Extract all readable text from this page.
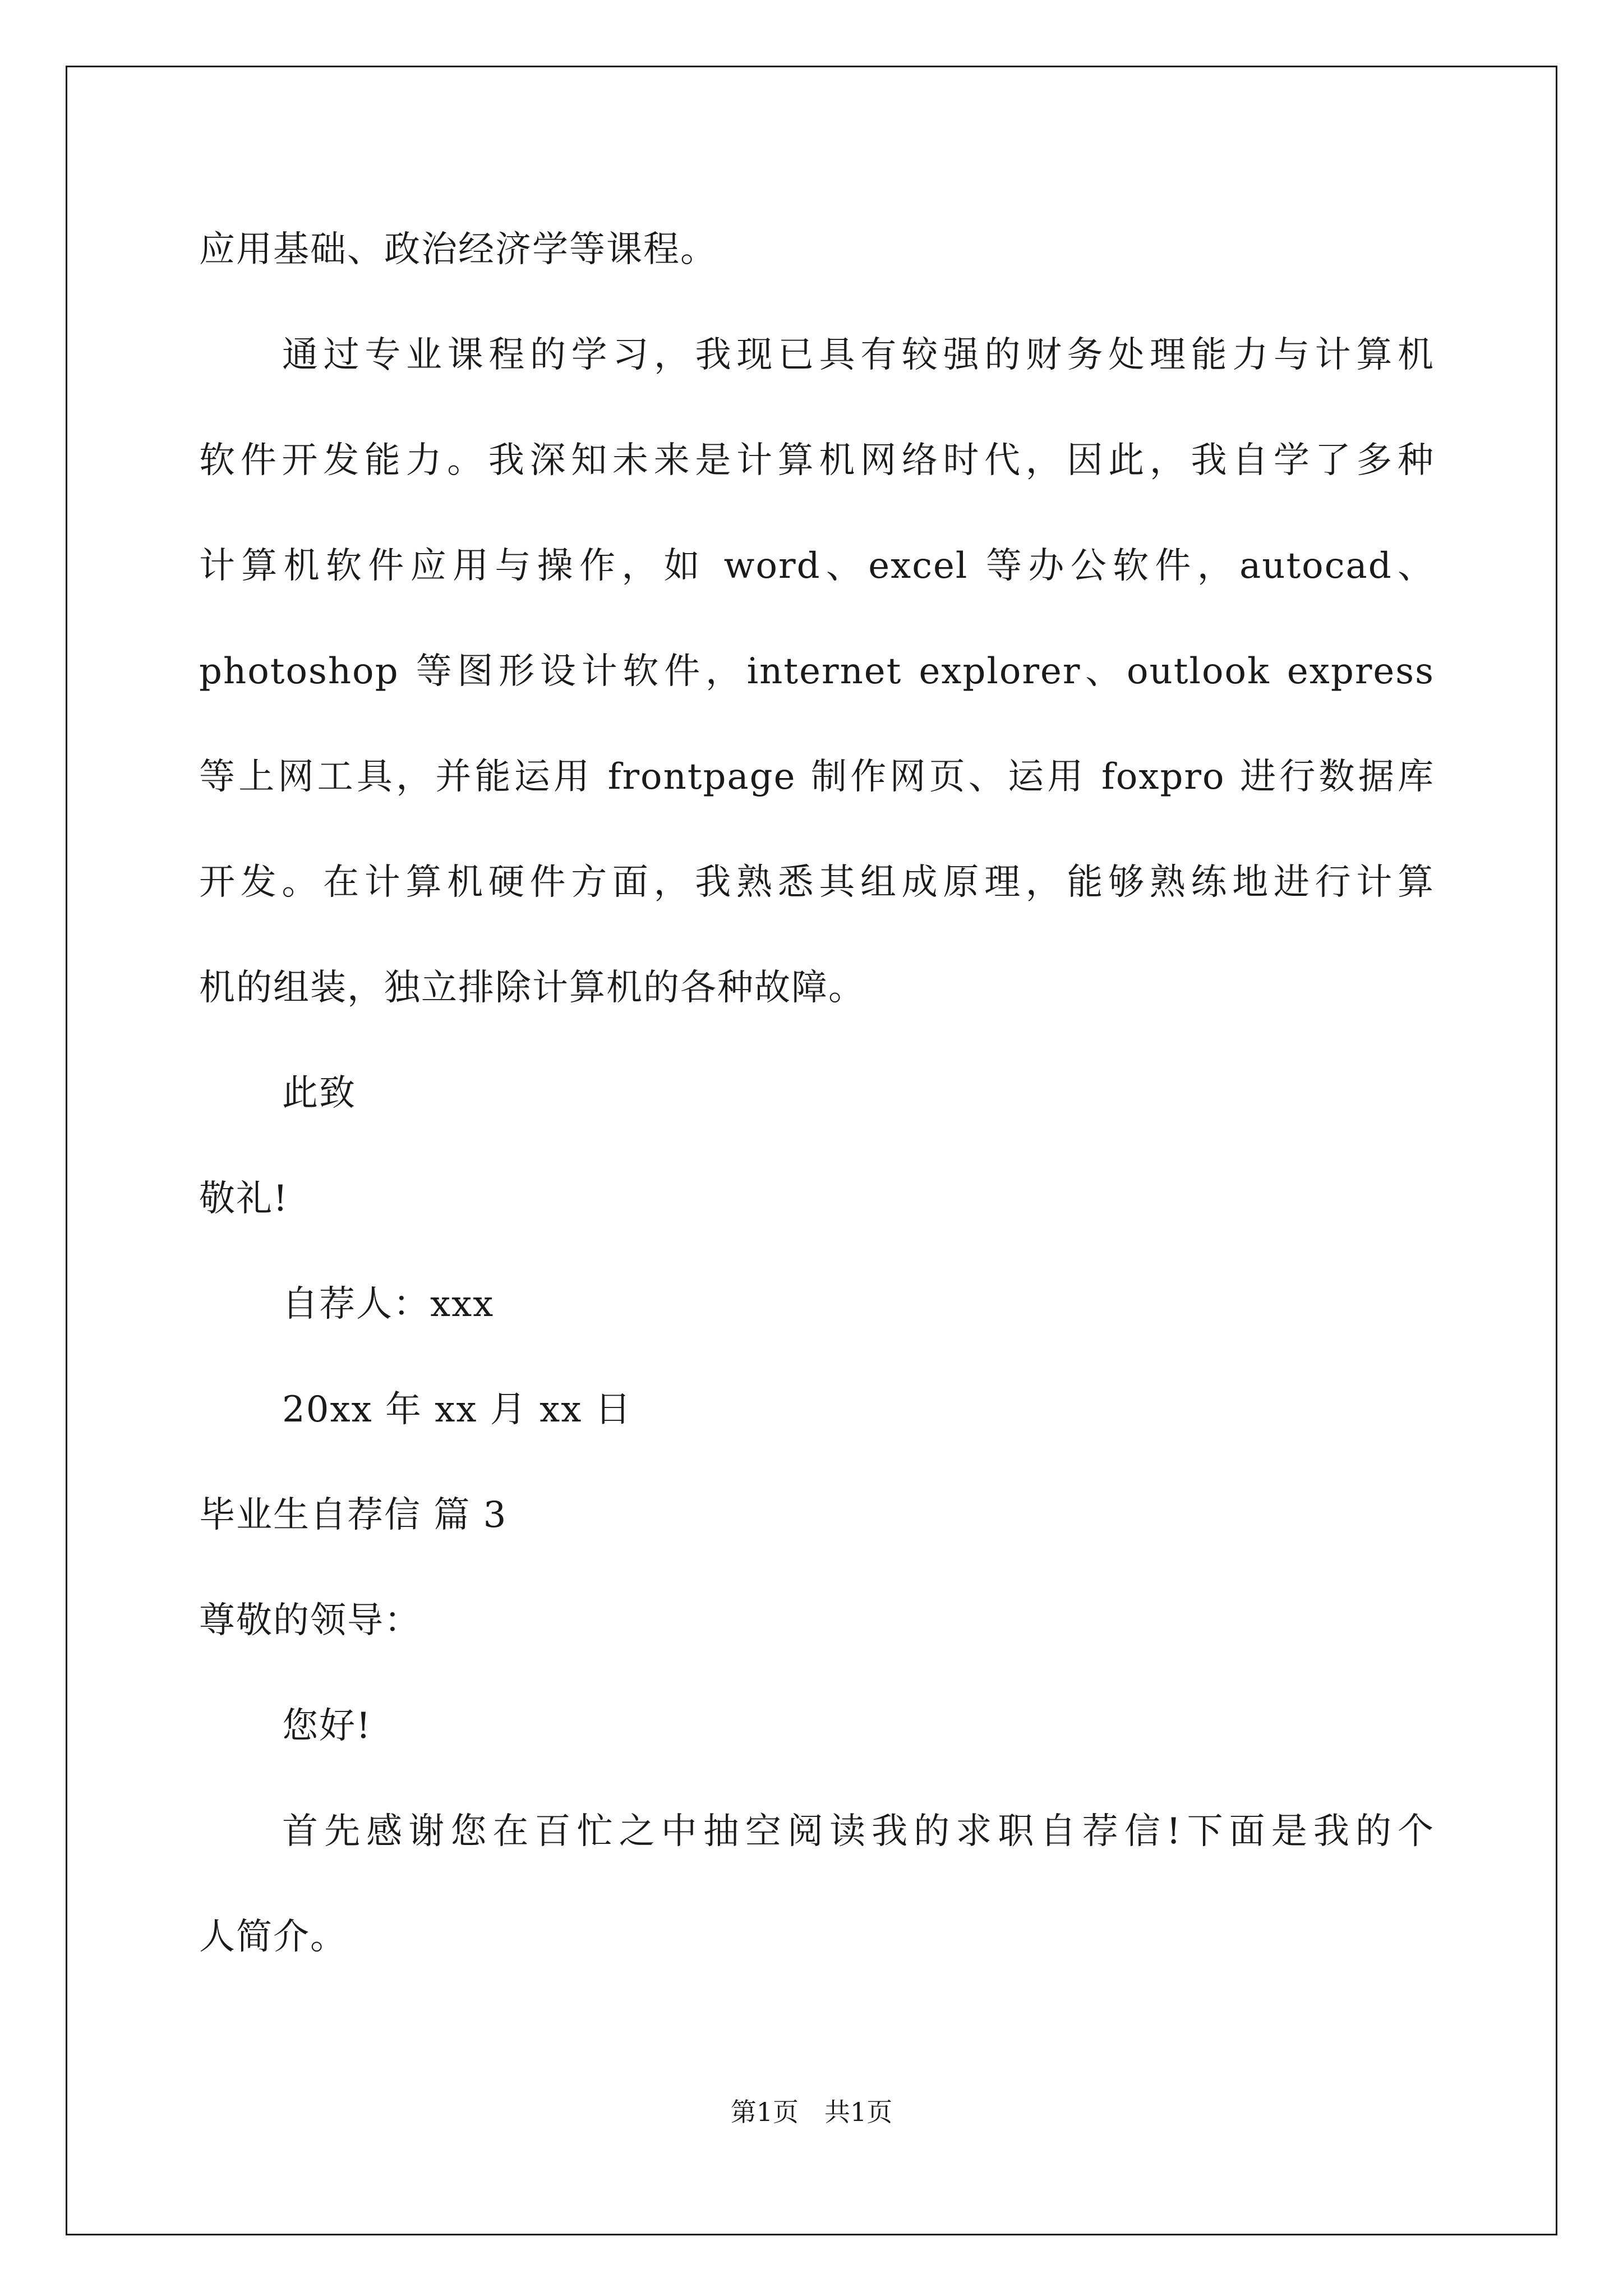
应用基础、政治经济学等课程。
通过专业课程的学习，我现已具有较强的财务处理能力与计算机
软件开发能力。我深知未来是计算机网络时代，因此，我自学了多种
计算机软件应用与操作，如 word、excel 等办公软件，autocad、
photoshop 等图形设计软件，internet explorer、outlook express
等上网工具，并能运用 frontpage 制作网页、运用 foxpro 进行数据库
开发。在计算机硬件方面，我熟悉其组成原理，能够熟练地进行计算
机的组装，独立排除计算机的各种故障。
此致
敬礼!
自荐人：xxx
20xx 年 xx 月 xx 日
毕业生自荐信 篇 3
尊敬的领导：
您好!
首先感谢您在百忙之中抽空阅读我的求职自荐信!下面是我的个
人简介。
第1页　共1页
